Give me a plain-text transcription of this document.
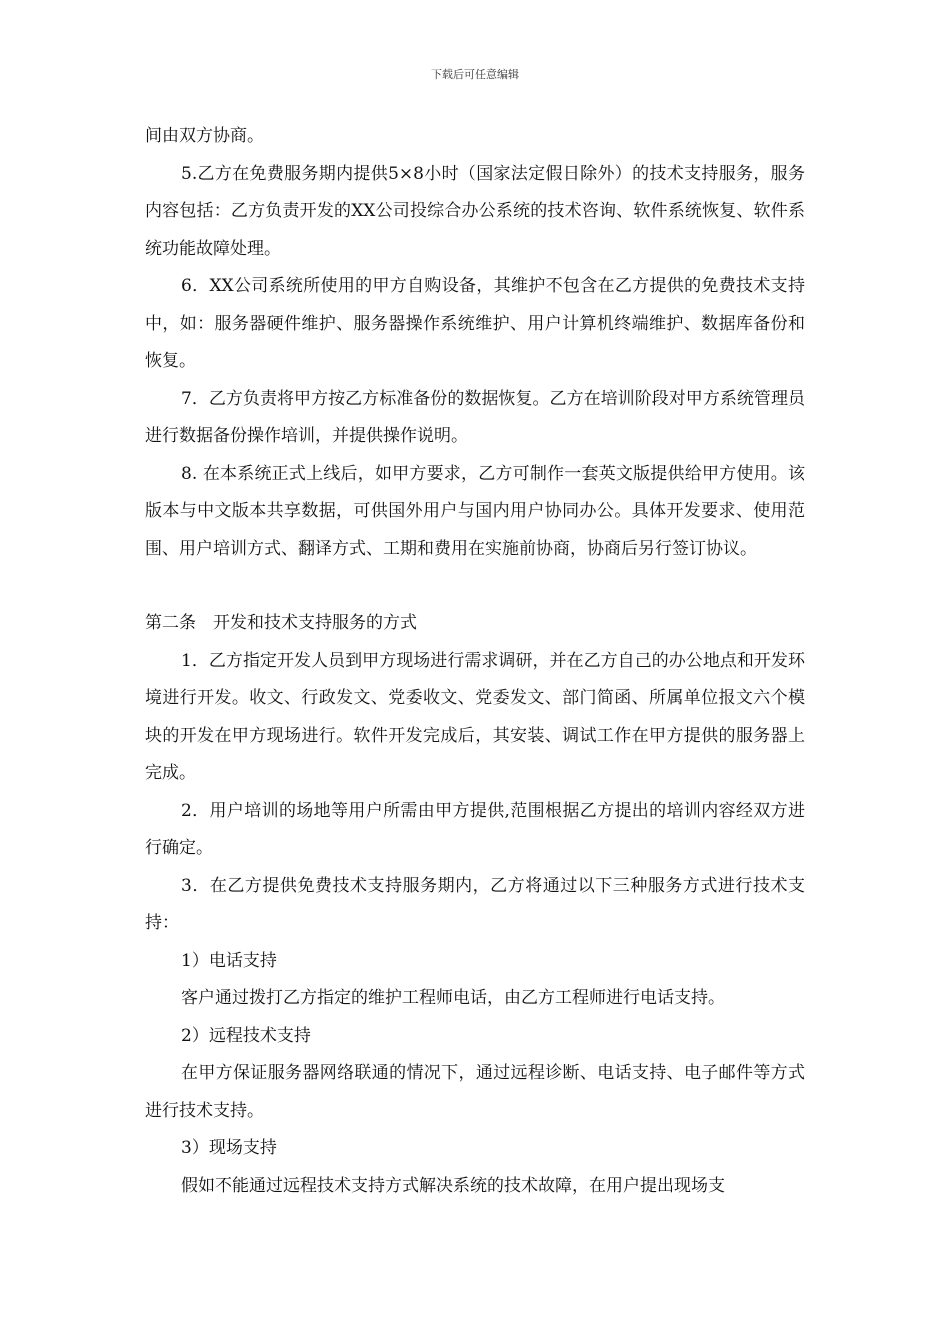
下载后可任意编辑

间由双方协商。

5.乙方在免费服务期内提供5×8小时（国家法定假日除外）的技术支持服务，服务内容包括：乙方负责开发的XX公司投综合办公系统的技术咨询、软件系统恢复、软件系统功能故障处理。

6．XX公司系统所使用的甲方自购设备，其维护不包含在乙方提供的免费技术支持中，如：服务器硬件维护、服务器操作系统维护、用户计算机终端维护、数据库备份和恢复。

7．乙方负责将甲方按乙方标准备份的数据恢复。乙方在培训阶段对甲方系统管理员进行数据备份操作培训，并提供操作说明。

8. 在本系统正式上线后，如甲方要求，乙方可制作一套英文版提供给甲方使用。该版本与中文版本共享数据，可供国外用户与国内用户协同办公。具体开发要求、使用范围、用户培训方式、翻译方式、工期和费用在实施前协商，协商后另行签订协议。

第二条　开发和技术支持服务的方式

1．乙方指定开发人员到甲方现场进行需求调研，并在乙方自己的办公地点和开发环境进行开发。收文、行政发文、党委收文、党委发文、部门简函、所属单位报文六个模块的开发在甲方现场进行。软件开发完成后，其安装、调试工作在甲方提供的服务器上完成。

2．用户培训的场地等用户所需由甲方提供,范围根据乙方提出的培训内容经双方进行确定。

3．在乙方提供免费技术支持服务期内，乙方将通过以下三种服务方式进行技术支持：

1）电话支持

客户通过拨打乙方指定的维护工程师电话，由乙方工程师进行电话支持。

2）远程技术支持

在甲方保证服务器网络联通的情况下，通过远程诊断、电话支持、电子邮件等方式进行技术支持。

3）现场支持

假如不能通过远程技术支持方式解决系统的技术故障，在用户提出现场支
